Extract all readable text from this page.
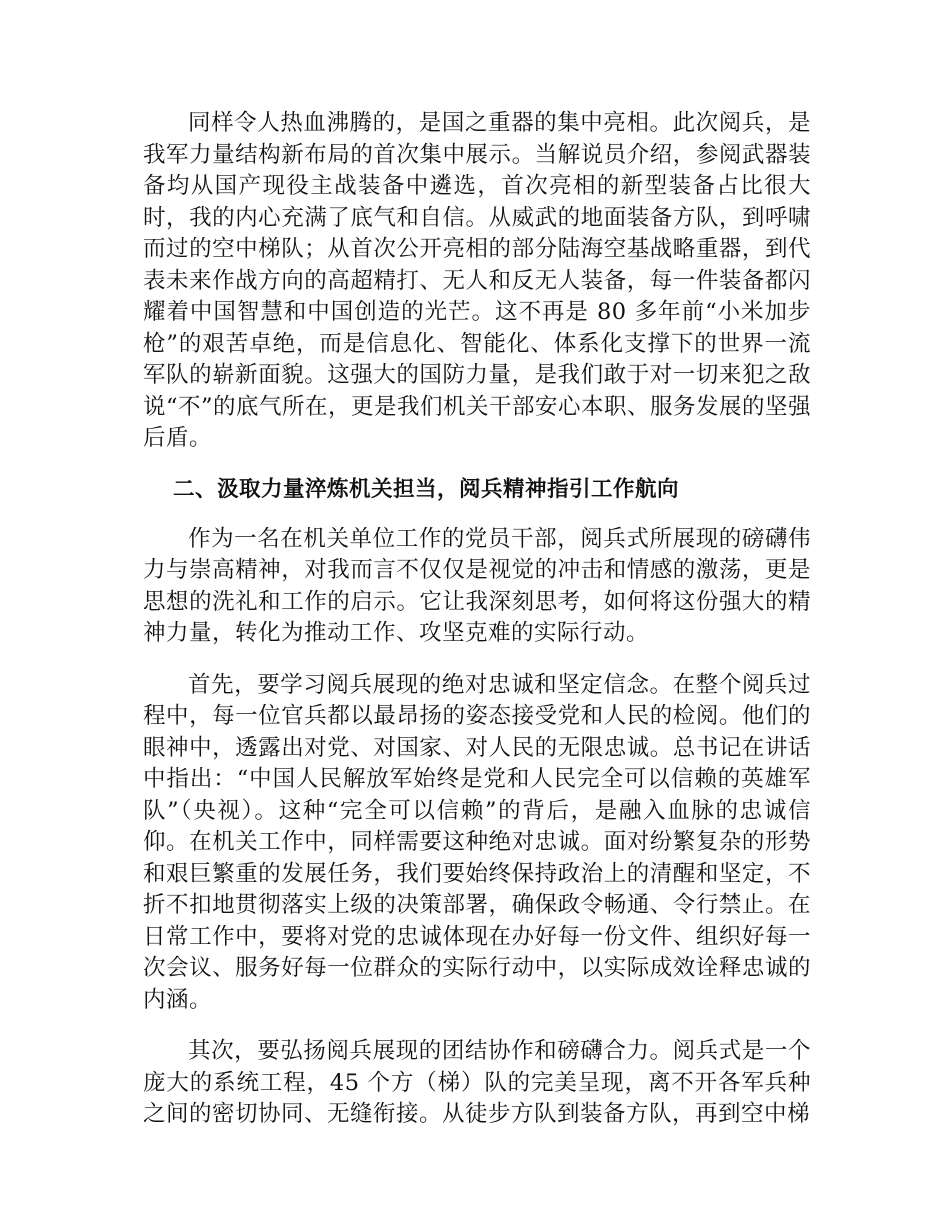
同样令人热血沸腾的，是国之重器的集中亮相。此次阅兵，是我军力量结构新布局的首次集中展示。当解说员介绍，参阅武器装备均从国产现役主战装备中遴选，首次亮相的新型装备占比很大时，我的内心充满了底气和自信。从威武的地面装备方队，到呼啸而过的空中梯队；从首次公开亮相的部分陆海空基战略重器，到代表未来作战方向的高超精打、无人和反无人装备，每一件装备都闪耀着中国智慧和中国创造的光芒。这不再是 80 多年前“小米加步枪”的艰苦卓绝，而是信息化、智能化、体系化支撑下的世界一流军队的崭新面貌。这强大的国防力量，是我们敢于对一切来犯之敌说“不”的底气所在，更是我们机关干部安心本职、服务发展的坚强后盾。

二、汲取力量淬炼机关担当，阅兵精神指引工作航向

作为一名在机关单位工作的党员干部，阅兵式所展现的磅礴伟力与崇高精神，对我而言不仅仅是视觉的冲击和情感的激荡，更是思想的洗礼和工作的启示。它让我深刻思考，如何将这份强大的精神力量，转化为推动工作、攻坚克难的实际行动。

首先，要学习阅兵展现的绝对忠诚和坚定信念。在整个阅兵过程中，每一位官兵都以最昂扬的姿态接受党和人民的检阅。他们的眼神中，透露出对党、对国家、对人民的无限忠诚。总书记在讲话中指出：“中国人民解放军始终是党和人民完全可以信赖的英雄军队”（央视）。这种“完全可以信赖”的背后，是融入血脉的忠诚信仰。在机关工作中，同样需要这种绝对忠诚。面对纷繁复杂的形势和艰巨繁重的发展任务，我们要始终保持政治上的清醒和坚定，不折不扣地贯彻落实上级的决策部署，确保政令畅通、令行禁止。在日常工作中，要将对党的忠诚体现在办好每一份文件、组织好每一次会议、服务好每一位群众的实际行动中，以实际成效诠释忠诚的内涵。

其次，要弘扬阅兵展现的团结协作和磅礴合力。阅兵式是一个庞大的系统工程，45 个方（梯）队的完美呈现，离不开各军兵种之间的密切协同、无缝衔接。从徒步方队到装备方队，再到空中梯
